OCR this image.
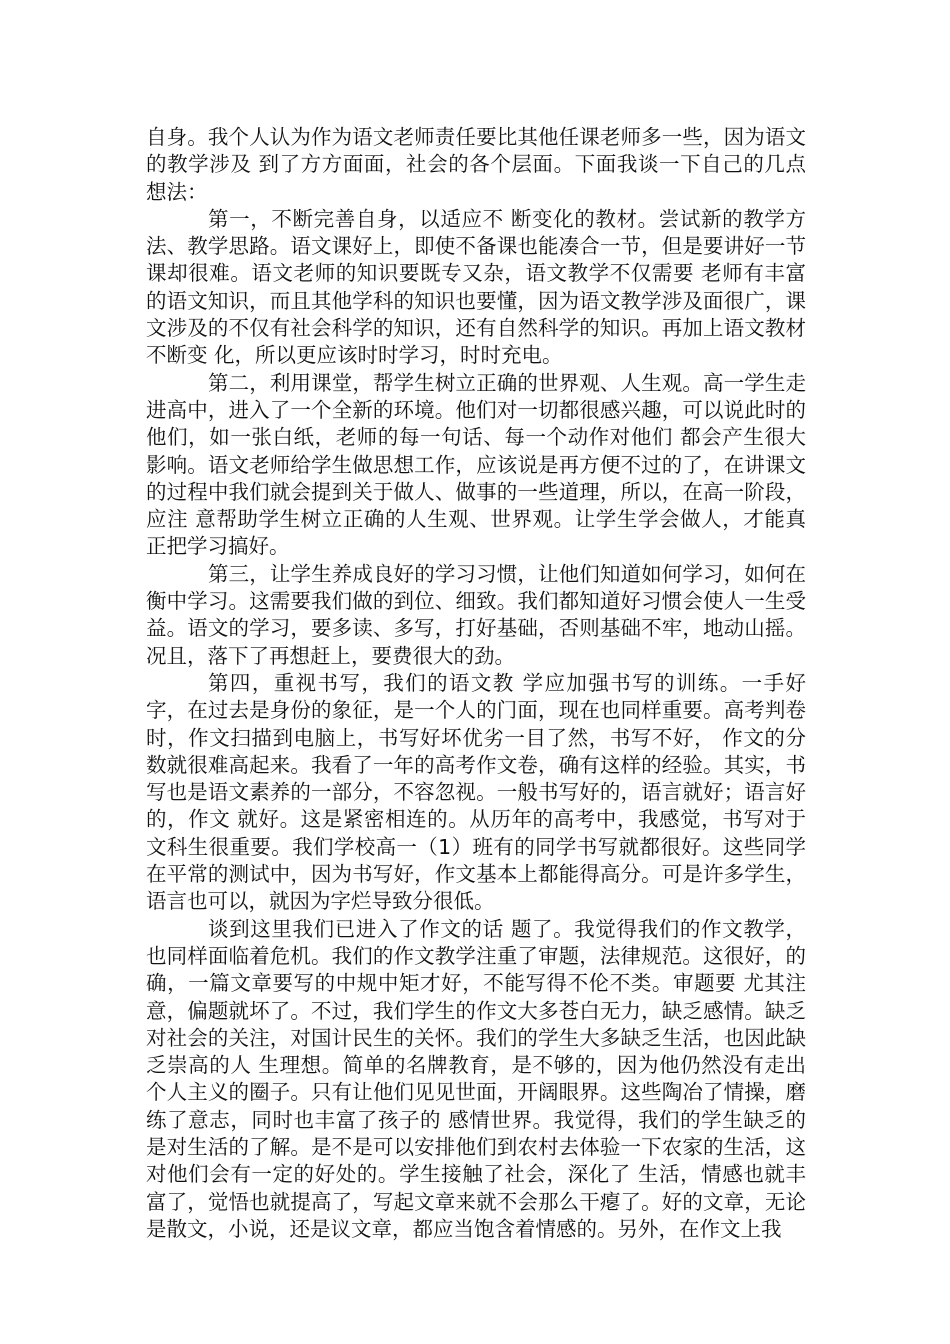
自身。我个人认为作为语文老师责任要比其他任课老师多一些，因为语文的教学涉及 到了方方面面，社会的各个层面。下面我谈一下自己的几点想法：

第一，不断完善自身，以适应不 断变化的教材。尝试新的教学方法、教学思路。语文课好上，即使不备课也能凑合一节，但是要讲好一节课却很难。语文老师的知识要既专又杂，语文教学不仅需要 老师有丰富的语文知识，而且其他学科的知识也要懂，因为语文教学涉及面很广，课文涉及的不仅有社会科学的知识，还有自然科学的知识。再加上语文教材不断变 化，所以更应该时时学习，时时充电。

第二，利用课堂，帮学生树立正确的世界观、人生观。高一学生走进高中，进入了一个全新的环境。他们对一切都很感兴趣，可以说此时的他们，如一张白纸，老师的每一句话、每一个动作对他们 都会产生很大影响。语文老师给学生做思想工作，应该说是再方便不过的了，在讲课文的过程中我们就会提到关于做人、做事的一些道理，所以，在高一阶段，应注 意帮助学生树立正确的人生观、世界观。让学生学会做人，才能真正把学习搞好。

第三，让学生养成良好的学习习惯，让他们知道如何学习，如何在衡中学习。这需要我们做的到位、细致。我们都知道好习惯会使人一生受益。语文的学习，要多读、多写，打好基础，否则基础不牢，地动山摇。况且，落下了再想赶上，要费很大的劲。

第四，重视书写，我们的语文教 学应加强书写的训练。一手好字，在过去是身份的象征，是一个人的门面，现在也同样重要。高考判卷时，作文扫描到电脑上，书写好坏优劣一目了然，书写不好， 作文的分数就很难高起来。我看了一年的高考作文卷，确有这样的经验。其实，书写也是语文素养的一部分，不容忽视。一般书写好的，语言就好；语言好的，作文 就好。这是紧密相连的。从历年的高考中，我感觉，书写对于文科生很重要。我们学校高一（1）班有的同学书写就都很好。这些同学在平常的测试中，因为书写好，作文基本上都能得高分。可是许多学生，语言也可以，就因为字烂导致分很低。

谈到这里我们已进入了作文的话 题了。我觉得我们的作文教学，也同样面临着危机。我们的作文教学注重了审题，法律规范。这很好，的确，一篇文章要写的中规中矩才好，不能写得不伦不类。审题要 尤其注意，偏题就坏了。不过，我们学生的作文大多苍白无力，缺乏感情。缺乏对社会的关注，对国计民生的关怀。我们的学生大多缺乏生活，也因此缺乏崇高的人 生理想。简单的名牌教育，是不够的，因为他仍然没有走出个人主义的圈子。只有让他们见见世面，开阔眼界。这些陶冶了情操，磨练了意志，同时也丰富了孩子的 感情世界。我觉得，我们的学生缺乏的是对生活的了解。是不是可以安排他们到农村去体验一下农家的生活，这对他们会有一定的好处的。学生接触了社会，深化了 生活，情感也就丰富了，觉悟也就提高了，写起文章来就不会那么干瘪了。好的文章，无论是散文，小说，还是议文章，都应当饱含着情感的。另外，在作文上我
